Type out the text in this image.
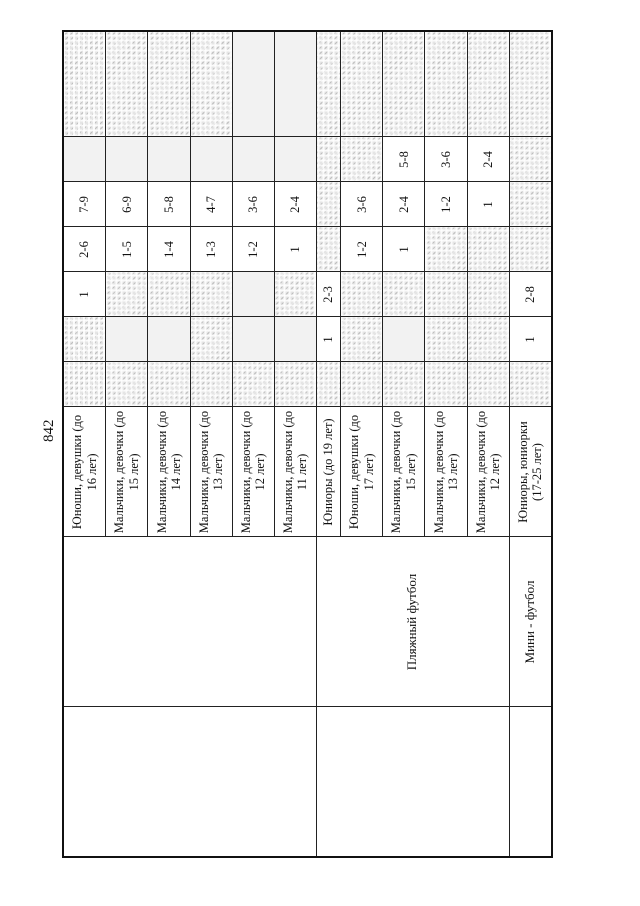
842
		Юноши, девушки (до 16 лет)			1	2-6	7-9		
		Мальчики, девочки (до 15 лет)				1-5	6-9		
		Мальчики, девочки (до 14 лет)				1-4	5-8		
		Мальчики, девочки (до 13 лет)				1-3	4-7		
		Мальчики, девочки (до 12 лет)				1-2	3-6		
		Мальчики, девочки (до 11 лет)				1	2-4		
	Пляжный футбол	Юниоры (до 19 лет)		1	2-3				
		Юноши, девушки (до 17 лет)				1-2	3-6		
		Мальчики, девочки (до 15 лет)				1	2-4	5-8	
		Мальчики, девочки (до 13 лет)					1-2	3-6	
		Мальчики, девочки (до 12 лет)					1	2-4	
	Мини - футбол	Юниоры, юниорки (17-25 лет)		1	2-8				
